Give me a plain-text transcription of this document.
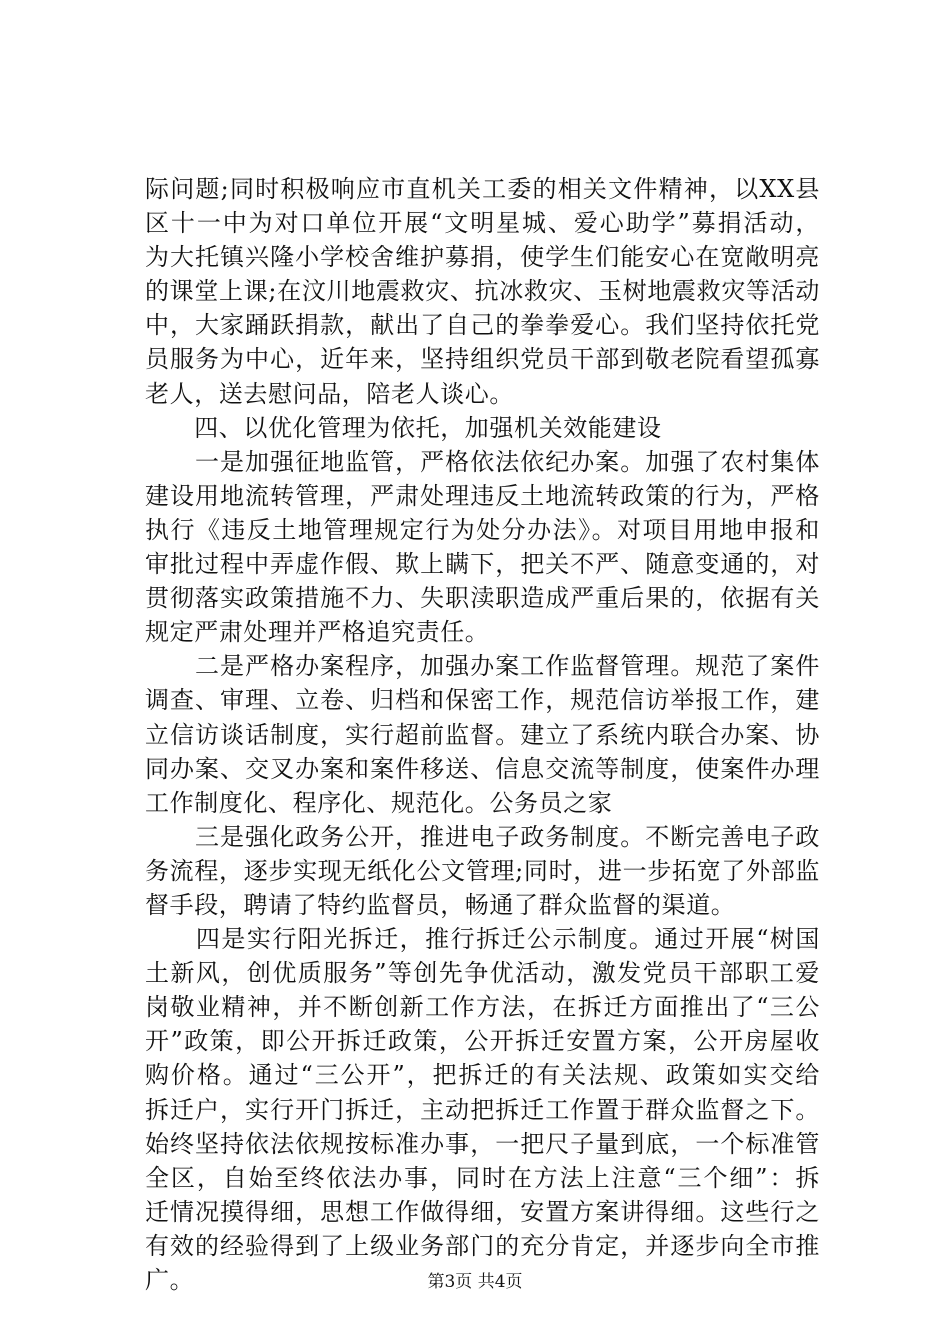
际问题;同时积极响应市直机关工委的相关文件精神，以XX县
区十一中为对口单位开展“文明星城、爱心助学”募捐活动，
为大托镇兴隆小学校舍维护募捐，使学生们能安心在宽敞明亮
的课堂上课;在汶川地震救灾、抗冰救灾、玉树地震救灾等活动
中，大家踊跃捐款，献出了自己的拳拳爱心。我们坚持依托党
员服务为中心，近年来，坚持组织党员干部到敬老院看望孤寡
老人，送去慰问品，陪老人谈心。
　　四、以优化管理为依托，加强机关效能建设
　　一是加强征地监管，严格依法依纪办案。加强了农村集体
建设用地流转管理，严肃处理违反土地流转政策的行为，严格
执行《违反土地管理规定行为处分办法》。对项目用地申报和
审批过程中弄虚作假、欺上瞒下，把关不严、随意变通的，对
贯彻落实政策措施不力、失职渎职造成严重后果的，依据有关
规定严肃处理并严格追究责任。
　　二是严格办案程序，加强办案工作监督管理。规范了案件
调查、审理、立卷、归档和保密工作，规范信访举报工作，建
立信访谈话制度，实行超前监督。建立了系统内联合办案、协
同办案、交叉办案和案件移送、信息交流等制度，使案件办理
工作制度化、程序化、规范化。公务员之家
　　三是强化政务公开，推进电子政务制度。不断完善电子政
务流程，逐步实现无纸化公文管理;同时，进一步拓宽了外部监
督手段，聘请了特约监督员，畅通了群众监督的渠道。
　　四是实行阳光拆迁，推行拆迁公示制度。通过开展“树国
土新风，创优质服务”等创先争优活动，激发党员干部职工爱
岗敬业精神，并不断创新工作方法，在拆迁方面推出了“三公
开”政策，即公开拆迁政策，公开拆迁安置方案，公开房屋收
购价格。通过“三公开”，把拆迁的有关法规、政策如实交给
拆迁户，实行开门拆迁，主动把拆迁工作置于群众监督之下。
始终坚持依法依规按标准办事，一把尺子量到底，一个标准管
全区，自始至终依法办事，同时在方法上注意“三个细”：拆
迁情况摸得细，思想工作做得细，安置方案讲得细。这些行之
有效的经验得到了上级业务部门的充分肯定，并逐步向全市推
广。	第3页 共4页
